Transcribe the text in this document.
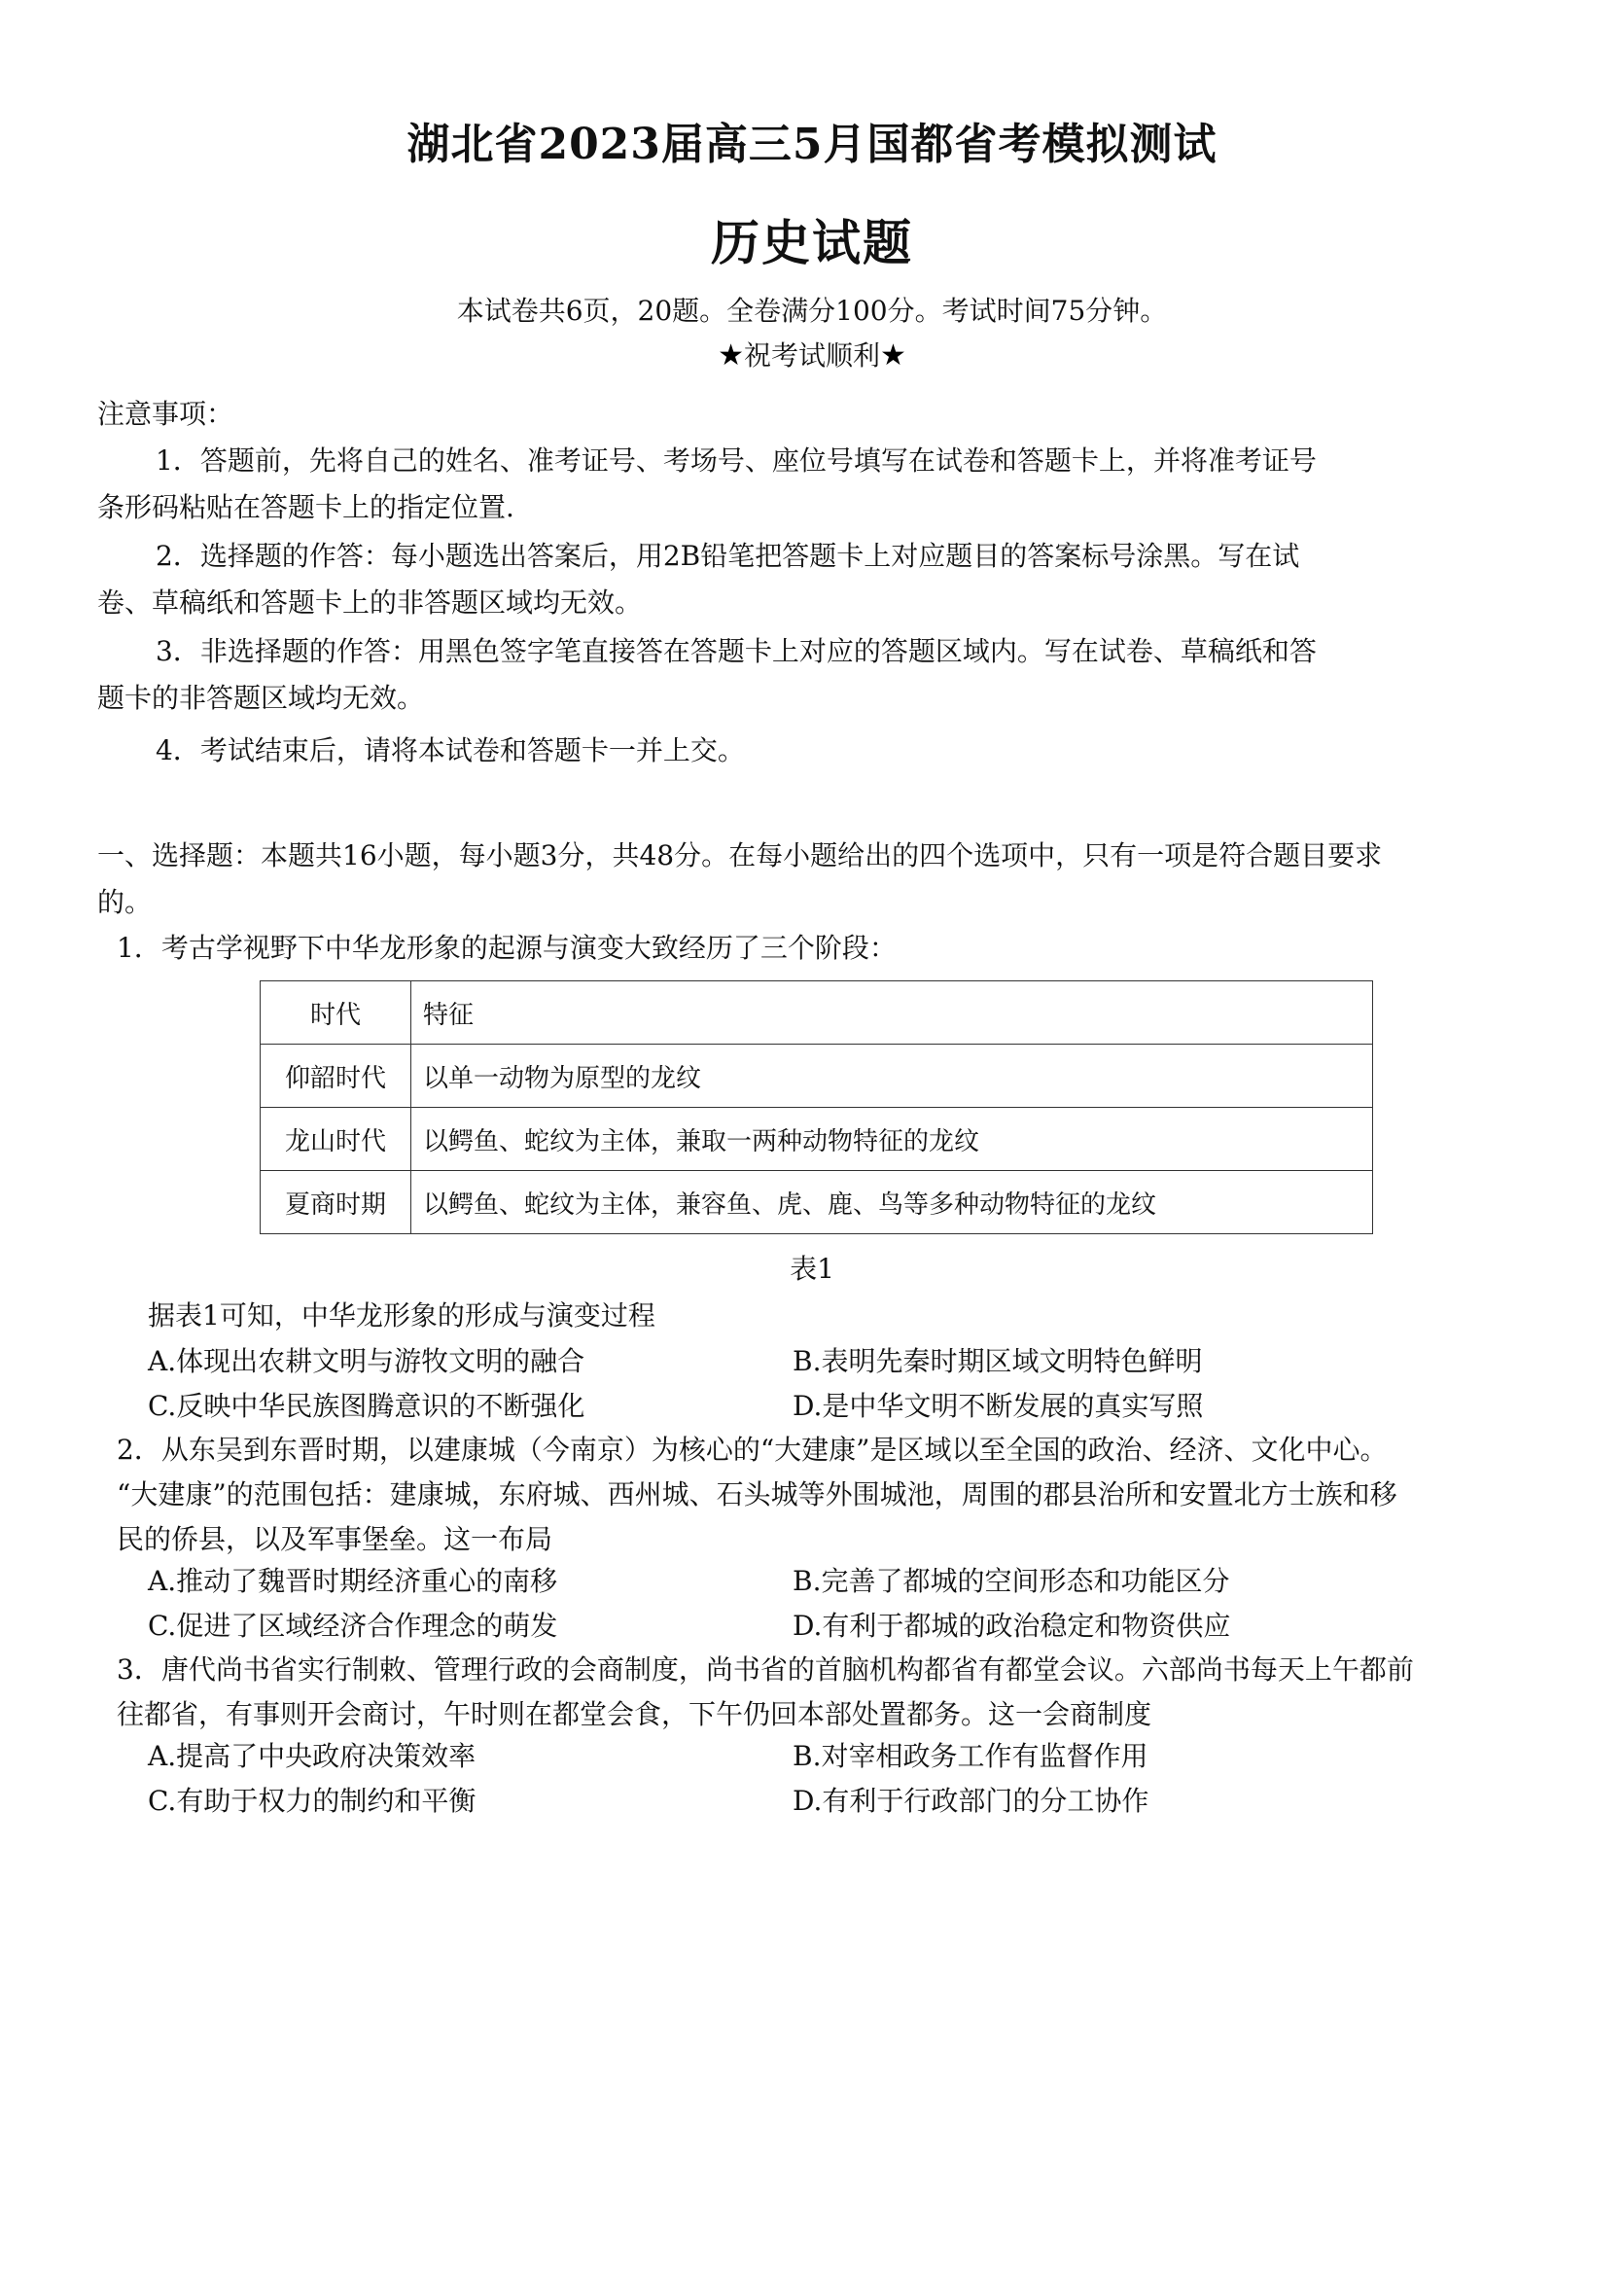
湖北省2023届高三5月国都省考模拟测试
历史试题
本试卷共6页，20题。全卷满分100分。考试时间75分钟。
★祝考试顺利★
注意事项：
1．答题前，先将自己的姓名、准考证号、考场号、座位号填写在试卷和答题卡上，并将准考证号
条形码粘贴在答题卡上的指定位置.
2．选择题的作答：每小题选出答案后，用2B铅笔把答题卡上对应题目的答案标号涂黑。写在试
卷、草稿纸和答题卡上的非答题区域均无效。
3．非选择题的作答：用黑色签字笔直接答在答题卡上对应的答题区域内。写在试卷、草稿纸和答
题卡的非答题区域均无效。
4．考试结束后，请将本试卷和答题卡一并上交。
一、选择题：本题共16小题，每小题3分，共48分。在每小题给出的四个选项中，只有一项是符合题目要求
的。
1．考古学视野下中华龙形象的起源与演变大致经历了三个阶段：
时代	特征
仰韶时代	以单一动物为原型的龙纹
龙山时代	以鳄鱼、蛇纹为主体，兼取一两种动物特征的龙纹
夏商时期	以鳄鱼、蛇纹为主体，兼容鱼、虎、鹿、鸟等多种动物特征的龙纹
表1
据表1可知，中华龙形象的形成与演变过程
A.体现出农耕文明与游牧文明的融合	B.表明先秦时期区域文明特色鲜明
C.反映中华民族图腾意识的不断强化	D.是中华文明不断发展的真实写照
2．从东吴到东晋时期，以建康城（今南京）为核心的“大建康”是区域以至全国的政治、经济、文化中心。
“大建康”的范围包括：建康城，东府城、西州城、石头城等外围城池，周围的郡县治所和安置北方士族和移
民的侨县，以及军事堡垒。这一布局
A.推动了魏晋时期经济重心的南移	B.完善了都城的空间形态和功能区分
C.促进了区域经济合作理念的萌发	D.有利于都城的政治稳定和物资供应
3．唐代尚书省实行制敕、管理行政的会商制度，尚书省的首脑机构都省有都堂会议。六部尚书每天上午都前
往都省，有事则开会商讨，午时则在都堂会食，下午仍回本部处置都务。这一会商制度
A.提高了中央政府决策效率	B.对宰相政务工作有监督作用
C.有助于权力的制约和平衡	D.有利于行政部门的分工协作
